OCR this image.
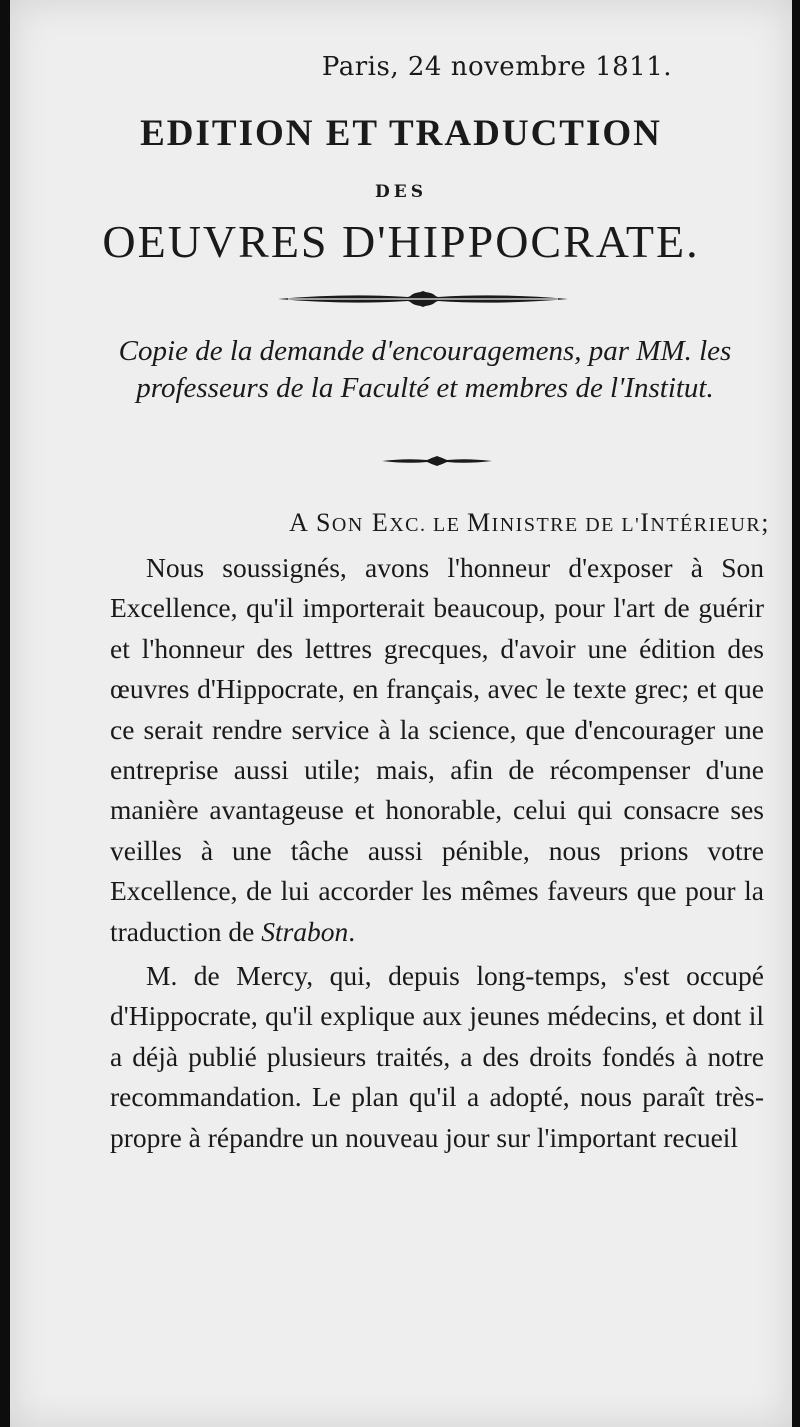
Paris, 24 novembre 1811.
EDITION ET TRADUCTION
DES
OEUVRES D'HIPPOCRATE.
Copie de la demande d'encouragemens, par MM. les professeurs de la Faculté et membres de l'Institut.
A SON EXC. LE MINISTRE DE L'INTÉRIEUR;

Nous soussignés, avons l'honneur d'exposer à Son Excellence, qu'il importerait beaucoup, pour l'art de guérir et l'honneur des lettres grecques, d'avoir une édition des œuvres d'Hippocrate, en français, avec le texte grec; et que ce serait rendre service à la science, que d'encourager une entreprise aussi utile; mais, afin de récompenser d'une manière avantageuse et honorable, celui qui consacre ses veilles à une tâche aussi pénible, nous prions votre Excellence, de lui accorder les mêmes faveurs que pour la traduction de Strabon.

M. de Mercy, qui, depuis long-temps, s'est occupé d'Hippocrate, qu'il explique aux jeunes médecins, et dont il a déjà publié plusieurs traités, a des droits fondés à notre recommandation. Le plan qu'il a adopté, nous paraît très-propre à répandre un nouveau jour sur l'important recueil
